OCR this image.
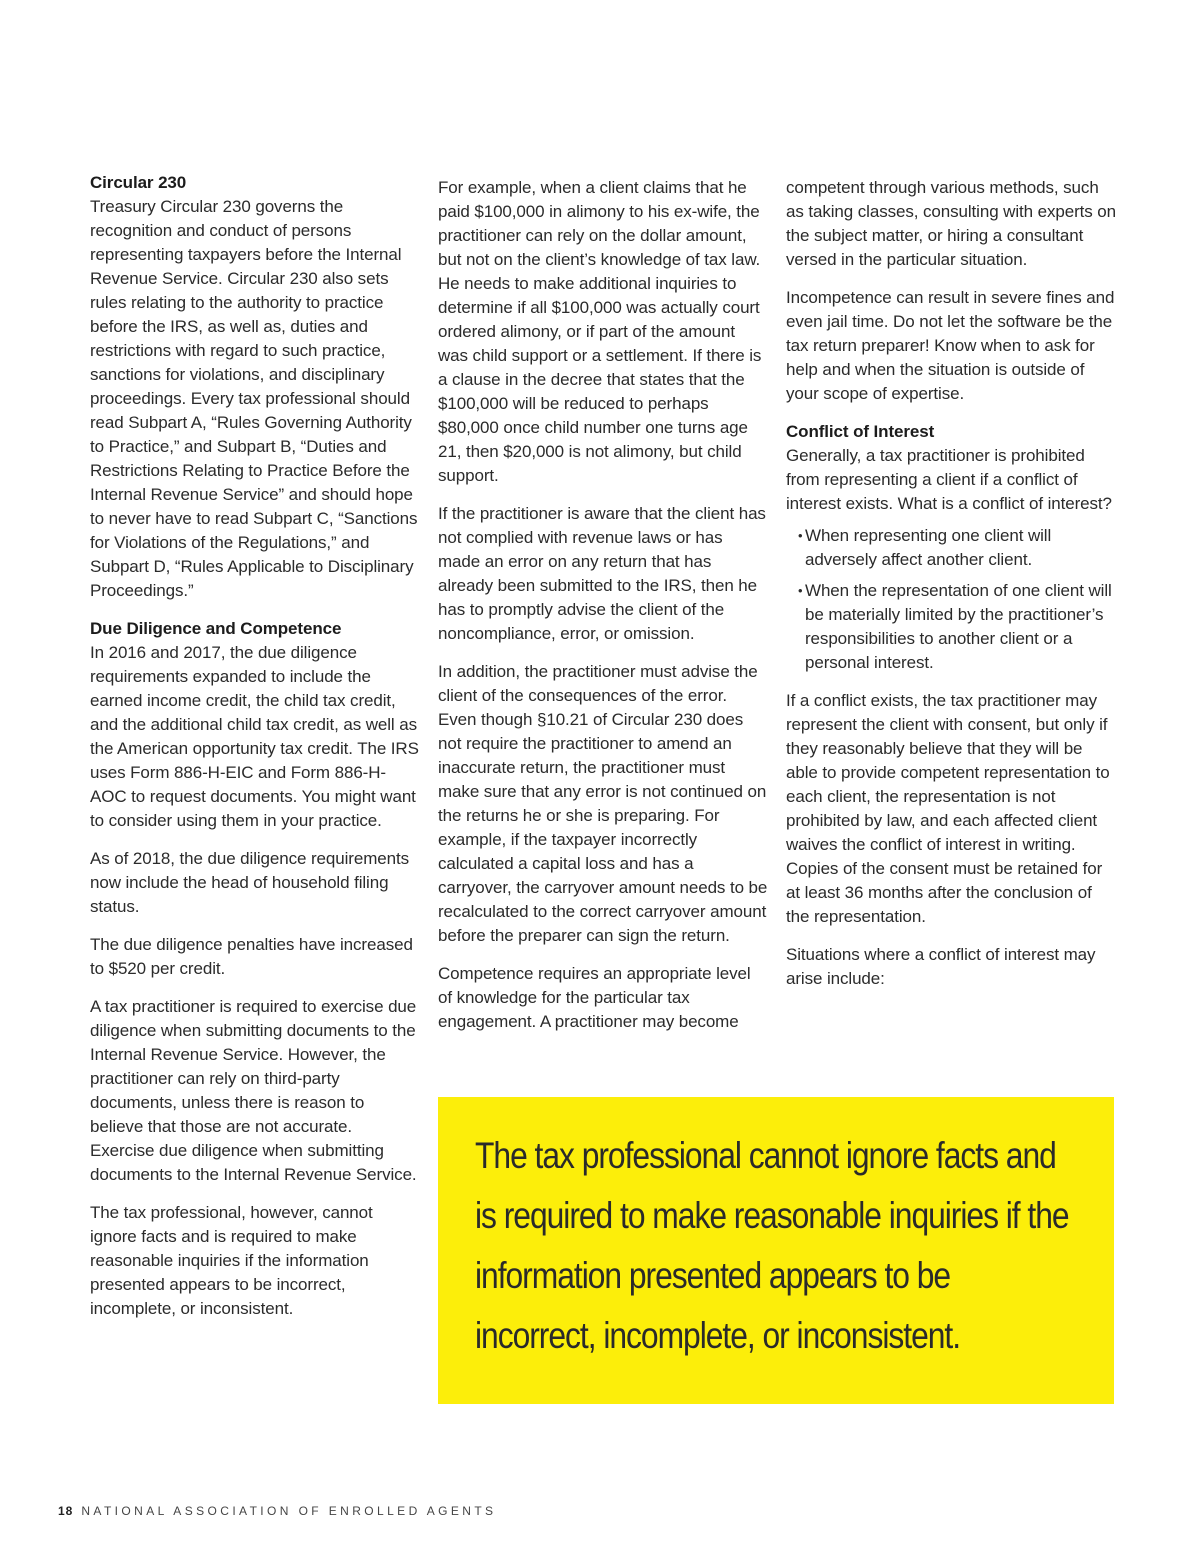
Circular 230

Treasury Circular 230 governs the recognition and conduct of persons representing taxpayers before the Internal Revenue Service. Circular 230 also sets rules relating to the authority to practice before the IRS, as well as, duties and restrictions with regard to such practice, sanctions for violations, and disciplinary proceedings. Every tax professional should read Subpart A, “Rules Governing Authority to Practice,” and Subpart B, “Duties and Restrictions Relating to Practice Before the Internal Revenue Service” and should hope to never have to read Subpart C, “Sanctions for Violations of the Regulations,” and Subpart D, “Rules Applicable to Disciplinary Proceedings.”

Due Diligence and Competence

In 2016 and 2017, the due diligence requirements expanded to include the earned income credit, the child tax credit, and the additional child tax credit, as well as the American opportunity tax credit. The IRS uses Form 886-H-EIC and Form 886-H-AOC to request documents. You might want to consider using them in your practice.

As of 2018, the due diligence requirements now include the head of household filing status.

The due diligence penalties have increased to $520 per credit.

A tax practitioner is required to exercise due diligence when submitting documents to the Internal Revenue Service. However, the practitioner can rely on third-party documents, unless there is reason to believe that those are not accurate. Exercise due diligence when submitting documents to the Internal Revenue Service.

The tax professional, however, cannot ignore facts and is required to make reasonable inquiries if the information presented appears to be incorrect, incomplete, or inconsistent.

For example, when a client claims that he paid $100,000 in alimony to his ex-wife, the practitioner can rely on the dollar amount, but not on the client’s knowledge of tax law. He needs to make additional inquiries to determine if all $100,000 was actually court ordered alimony, or if part of the amount was child support or a settlement. If there is a clause in the decree that states that the $100,000 will be reduced to perhaps $80,000 once child number one turns age 21, then $20,000 is not alimony, but child support.

If the practitioner is aware that the client has not complied with revenue laws or has made an error on any return that has already been submitted to the IRS, then he has to promptly advise the client of the noncompliance, error, or omission.

In addition, the practitioner must advise the client of the consequences of the error. Even though §10.21 of Circular 230 does not require the practitioner to amend an inaccurate return, the practitioner must make sure that any error is not continued on the returns he or she is preparing. For example, if the taxpayer incorrectly calculated a capital loss and has a carryover, the carryover amount needs to be recalculated to the correct carryover amount before the preparer can sign the return.

Competence requires an appropriate level of knowledge for the particular tax engagement. A practitioner may become

competent through various methods, such as taking classes, consulting with experts on the subject matter, or hiring a consultant versed in the particular situation.

Incompetence can result in severe fines and even jail time. Do not let the software be the tax return preparer! Know when to ask for help and when the situation is outside of your scope of expertise.

Conflict of Interest

Generally, a tax practitioner is prohibited from representing a client if a conflict of interest exists. What is a conflict of interest?

• When representing one client will adversely affect another client.
• When the representation of one client will be materially limited by the practitioner’s responsibilities to another client or a personal interest.

If a conflict exists, the tax practitioner may represent the client with consent, but only if they reasonably believe that they will be able to provide competent representation to each client, the representation is not prohibited by law, and each affected client waives the conflict of interest in writing. Copies of the consent must be retained for at least 36 months after the conclusion of the representation.

Situations where a conflict of interest may arise include:

The tax professional cannot ignore facts and is required to make reasonable inquiries if the information presented appears to be incorrect, incomplete, or inconsistent.

18 NATIONAL ASSOCIATION OF ENROLLED AGENTS
